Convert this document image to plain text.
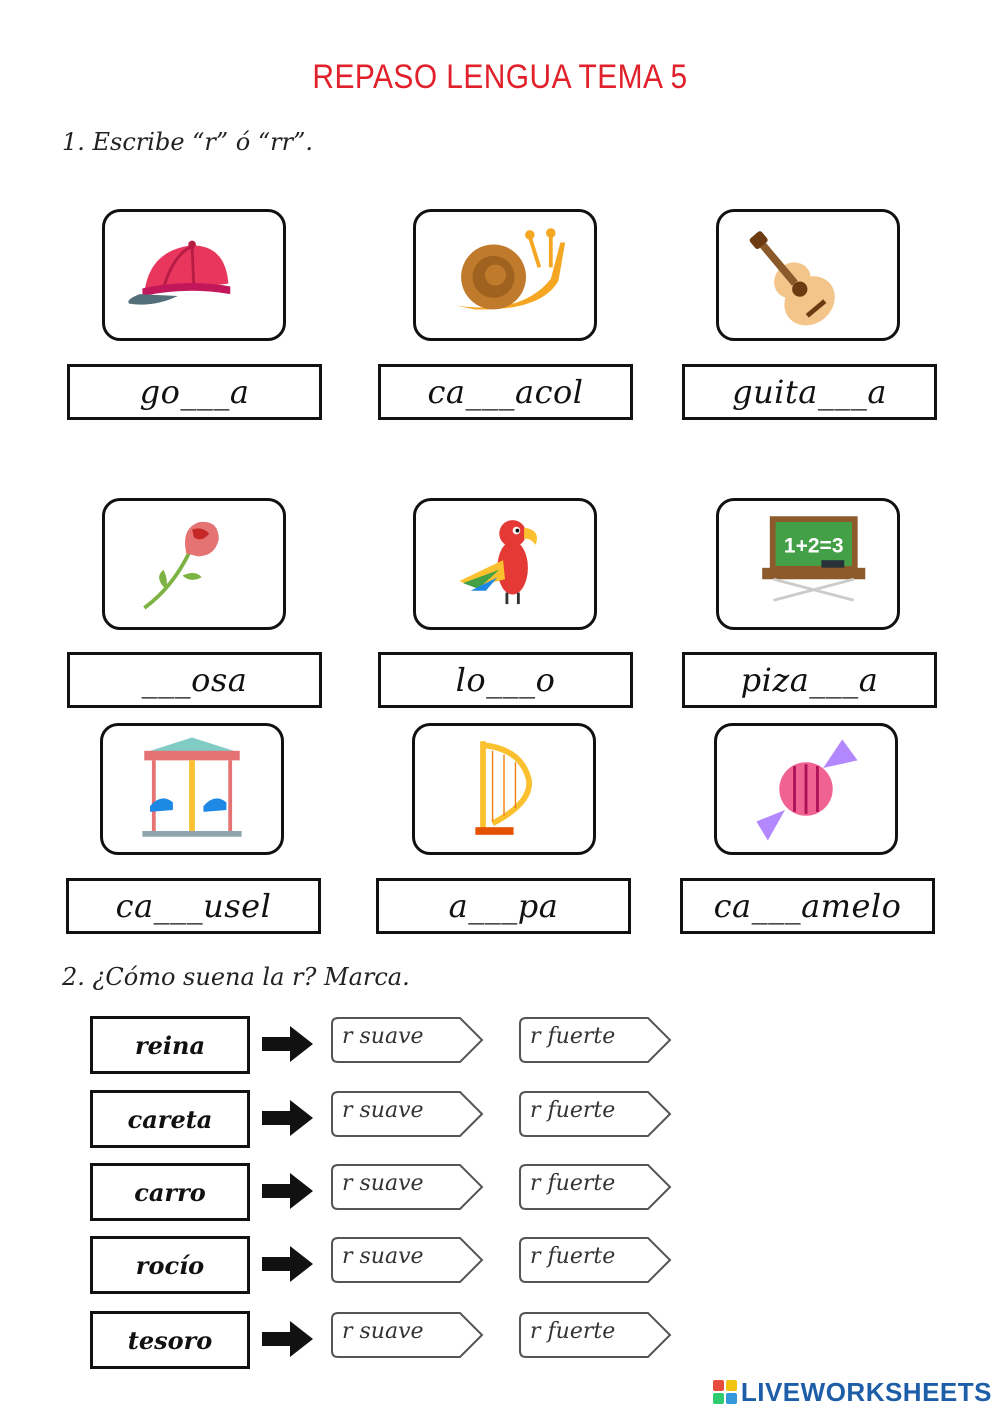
REPASO LENGUA TEMA 5
1. Escribe “r” ó “rr”.
go___a	ca___acol	guita___a
1+2=3
___osa	lo___o	piza___a
ca___usel	a___pa	ca___amelo
2. ¿Cómo suena la r? Marca.
reina	r suave	r fuerte
careta	r suave	r fuerte
carro	r suave	r fuerte
rocío	r suave	r fuerte
tesoro	r suave	r fuerte
LIVEWORKSHEETS
